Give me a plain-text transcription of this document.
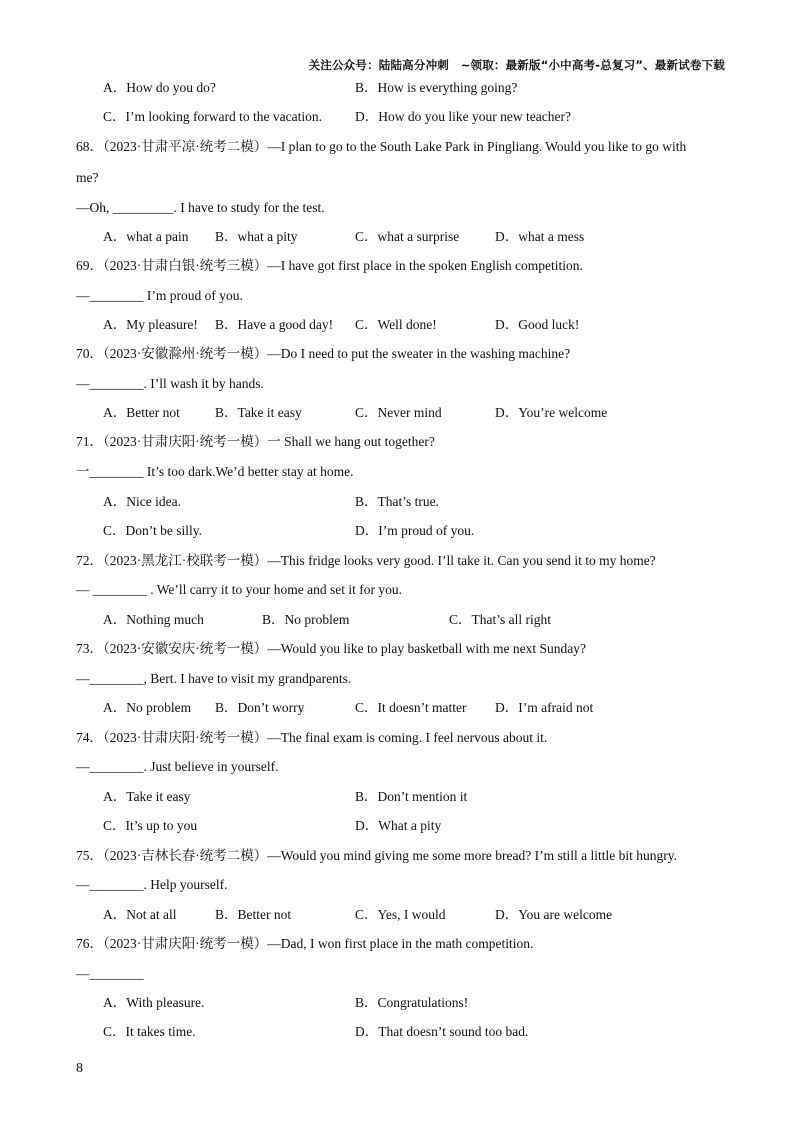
关注公众号：陆陆高分冲刺　~领取：最新版“小中高考-总复习”、最新试卷下载
A．How do you do?	B．How is everything going?
C．I’m looking forward to the vacation. D．How do you like your new teacher?
68．（2023·甘肃平凉·统考二模）—I plan to go to the South Lake Park in Pingliang. Would you like to go with
me?
—Oh, _________. I have to study for the test.
A．what a pain B．what a pity	C．what a surprise	D．what a mess
69．（2023·甘肃白银·统考三模）—I have got first place in the spoken English competition.
—________ I’m proud of you.
A．My pleasure! B．Have a good day! C．Well done!	D．Good luck!
70．（2023·安徽滁州·统考一模）—Do I need to put the sweater in the washing machine?
—________. I’ll wash it by hands.
A．Better not	B．Take it easy	C．Never mind	D．You’re welcome
71．（2023·甘肃庆阳·统考一模）一 Shall we hang out together?
一________ It’s too dark.We’d better stay at home.
A．Nice idea.	B．That’s true.
C．Don’t be silly.	D．I’m proud of you.
72．（2023·黑龙江·校联考一模）—This fridge looks very good. I’ll take it. Can you send it to my home?
— ________ . We’ll carry it to your home and set it for you.
A．Nothing much	B．No problem	C．That’s all right
73．（2023·安徽安庆·统考一模）—Would you like to play basketball with me next Sunday?
—________, Bert. I have to visit my grandparents.
A．No problem B．Don’t worry	C．It doesn’t matter D．I’m afraid not
74．（2023·甘肃庆阳·统考一模）—The final exam is coming. I feel nervous about it.
—________. Just believe in yourself.
A．Take it easy	B．Don’t mention it
C．It’s up to you	D．What a pity
75．（2023·吉林长春·统考二模）—Would you mind giving me some more bread? I’m still a little bit hungry.
—________. Help yourself.
A．Not at all	B．Better not	C．Yes, I would	D．You are welcome
76．（2023·甘肃庆阳·统考一模）—Dad, I won first place in the math competition.
—________
A．With pleasure.	B．Congratulations!
C．It takes time.	D．That doesn’t sound too bad.
8
